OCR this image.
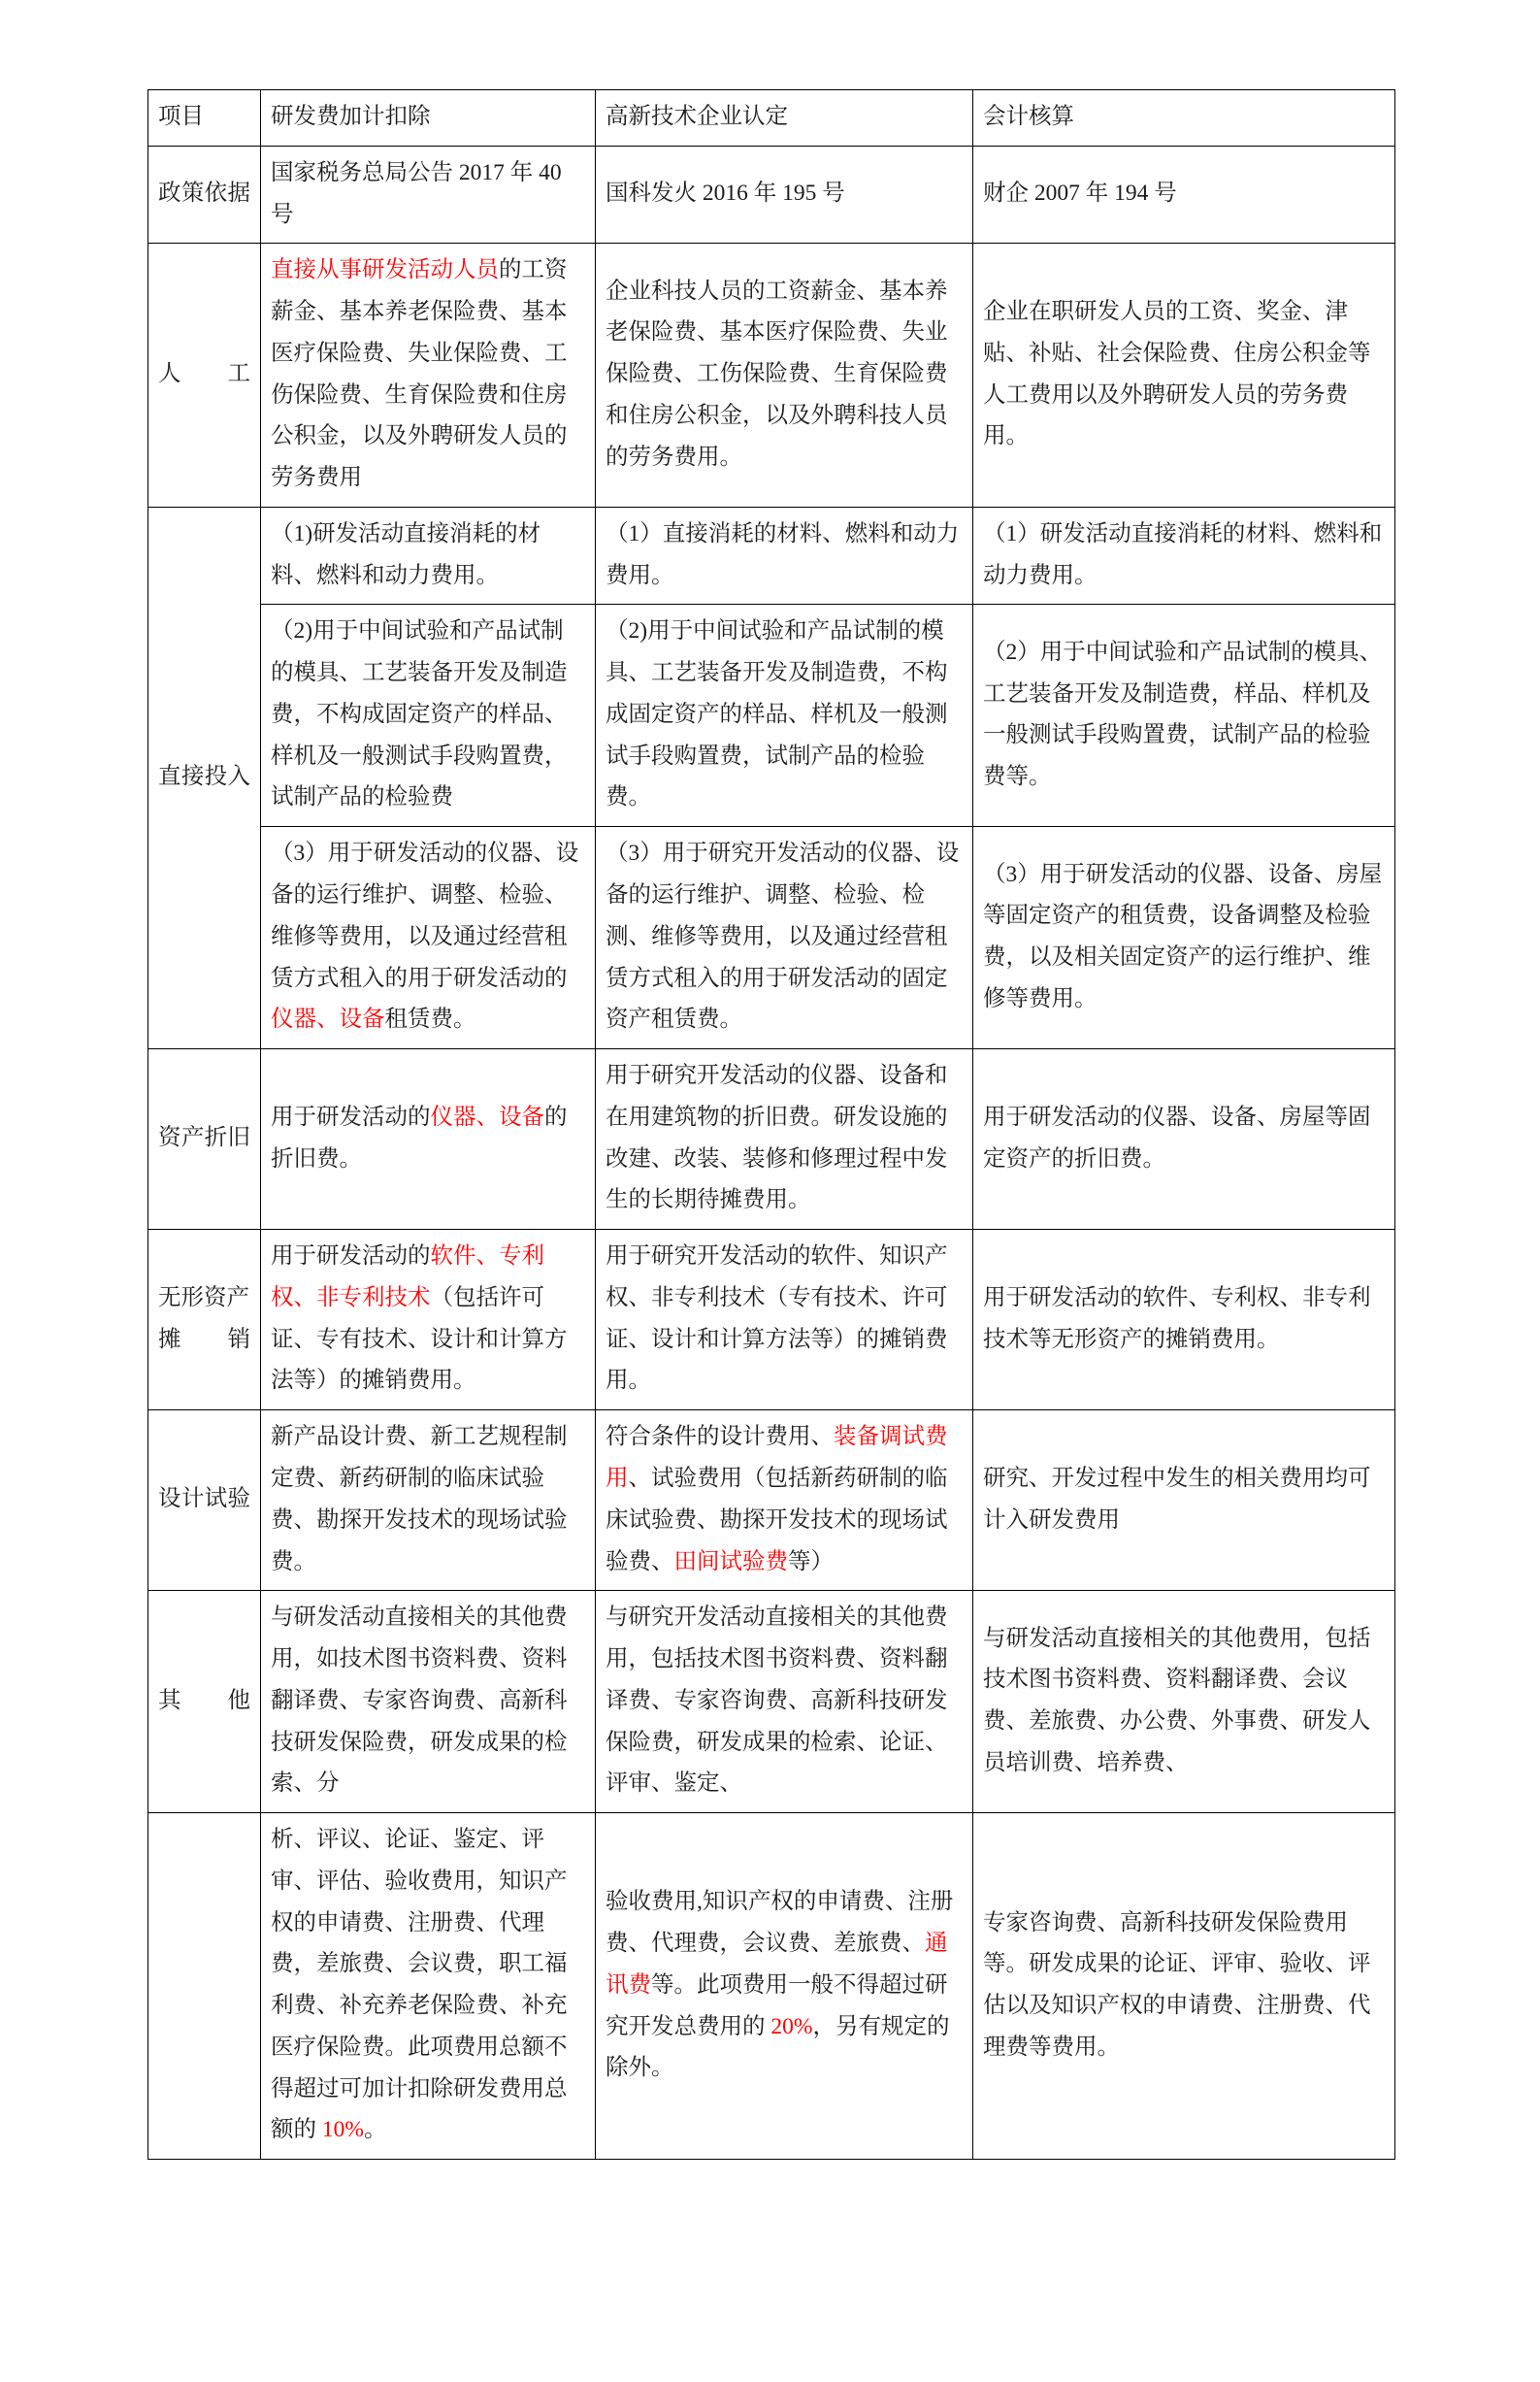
项目	研发费加计扣除	高新技术企业认定	会计核算
政策依据	国家税务总局公告 2017 年 40 号	国科发火 2016 年 195 号	财企 2007 年 194 号
人工	直接从事研发活动人员的工资薪金、基本养老保险费、基本医疗保险费、失业保险费、工伤保险费、生育保险费和住房公积金，以及外聘研发人员的劳务费用	企业科技人员的工资薪金、基本养老保险费、基本医疗保险费、失业保险费、工伤保险费、生育保险费和住房公积金，以及外聘科技人员的劳务费用。	企业在职研发人员的工资、奖金、津贴、补贴、社会保险费、住房公积金等人工费用以及外聘研发人员的劳务费用。
直接投入	（1)研发活动直接消耗的材料、燃料和动力费用。	（1）直接消耗的材料、燃料和动力费用。	（1）研发活动直接消耗的材料、燃料和动力费用。
	（2)用于中间试验和产品试制的模具、工艺装备开发及制造费，不构成固定资产的样品、样机及一般测试手段购置费，试制产品的检验费	（2)用于中间试验和产品试制的模具、工艺装备开发及制造费，不构成固定资产的样品、样机及一般测试手段购置费，试制产品的检验费。	（2）用于中间试验和产品试制的模具、工艺装备开发及制造费，样品、样机及一般测试手段购置费，试制产品的检验费等。
	（3）用于研发活动的仪器、设备的运行维护、调整、检验、维修等费用，以及通过经营租赁方式租入的用于研发活动的仪器、设备租赁费。	（3）用于研究开发活动的仪器、设备的运行维护、调整、检验、检测、维修等费用，以及通过经营租赁方式租入的用于研发活动的固定资产租赁费。	（3）用于研发活动的仪器、设备、房屋等固定资产的租赁费，设备调整及检验费，以及相关固定资产的运行维护、维修等费用。
资产折旧	用于研发活动的仪器、设备的折旧费。	用于研究开发活动的仪器、设备和在用建筑物的折旧费。研发设施的改建、改装、装修和修理过程中发生的长期待摊费用。	用于研发活动的仪器、设备、房屋等固定资产的折旧费。
无形资产摊销	用于研发活动的软件、专利权、非专利技术（包括许可证、专有技术、设计和计算方法等）的摊销费用。	用于研究开发活动的软件、知识产权、非专利技术（专有技术、许可证、设计和计算方法等）的摊销费用。	用于研发活动的软件、专利权、非专利技术等无形资产的摊销费用。
设计试验	新产品设计费、新工艺规程制定费、新药研制的临床试验费、勘探开发技术的现场试验费。	符合条件的设计费用、装备调试费用、试验费用（包括新药研制的临床试验费、勘探开发技术的现场试验费、田间试验费等）	研究、开发过程中发生的相关费用均可计入研发费用
其他	与研发活动直接相关的其他费用，如技术图书资料费、资料翻译费、专家咨询费、高新科技研发保险费，研发成果的检索、分	与研究开发活动直接相关的其他费用，包括技术图书资料费、资料翻译费、专家咨询费、高新科技研发保险费，研发成果的检索、论证、评审、鉴定、	与研发活动直接相关的其他费用，包括技术图书资料费、资料翻译费、会议费、差旅费、办公费、外事费、研发人员培训费、培养费、
	析、评议、论证、鉴定、评审、评估、验收费用，知识产权的申请费、注册费、代理费，差旅费、会议费，职工福利费、补充养老保险费、补充医疗保险费。此项费用总额不得超过可加计扣除研发费用总额的 10%。	验收费用,知识产权的申请费、注册费、代理费，会议费、差旅费、通讯费等。此项费用一般不得超过研究开发总费用的 20%，另有规定的除外。	专家咨询费、高新科技研发保险费用等。研发成果的论证、评审、验收、评估以及知识产权的申请费、注册费、代理费等费用。
